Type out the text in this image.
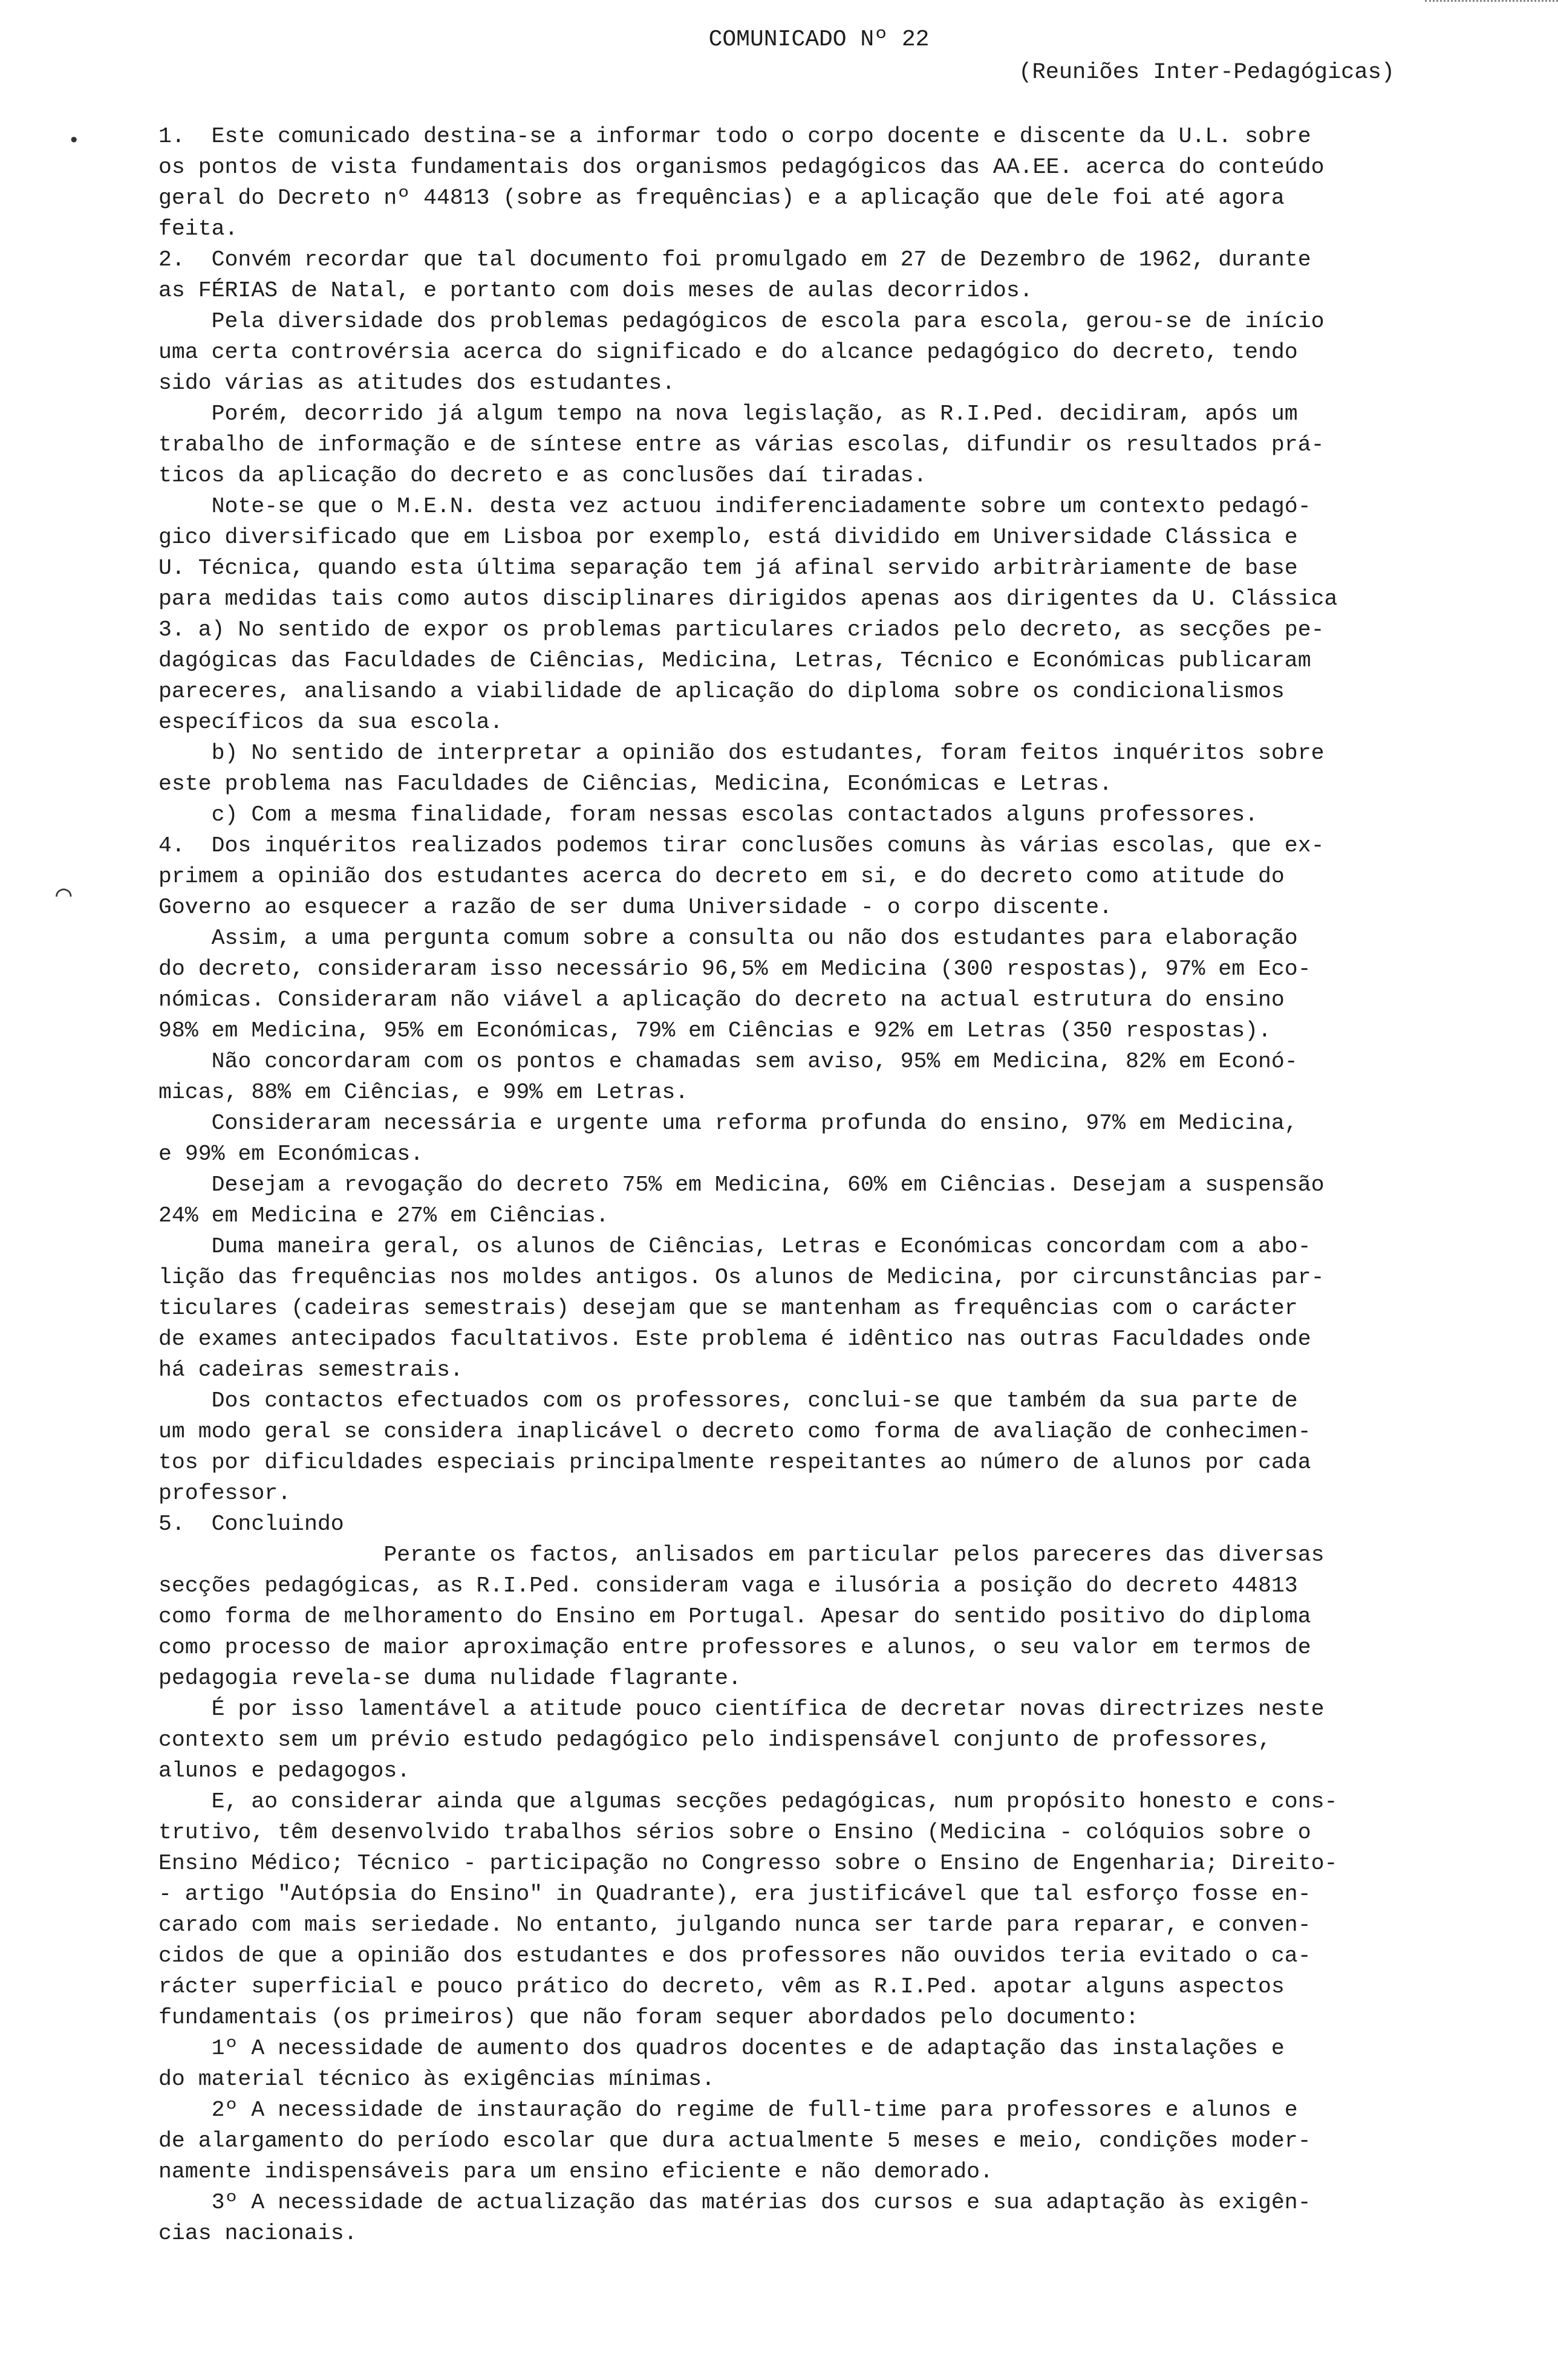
•
⌒
COMUNICADO Nº 22
(Reuniões Inter-Pedagógicas)
1.  Este comunicado destina-se a informar todo o corpo docente e discente da U.L. sobre
os pontos de vista fundamentais dos organismos pedagógicos das AA.EE. acerca do conteúdo
geral do Decreto nº 44813 (sobre as frequências) e a aplicação que dele foi até agora
feita.
2.  Convém recordar que tal documento foi promulgado em 27 de Dezembro de 1962, durante
as FÉRIAS de Natal, e portanto com dois meses de aulas decorridos.
Pela diversidade dos problemas pedagógicos de escola para escola, gerou-se de início
uma certa controvérsia acerca do significado e do alcance pedagógico do decreto, tendo
sido várias as atitudes dos estudantes.
Porém, decorrido já algum tempo na nova legislação, as R.I.Ped. decidiram, após um
trabalho de informação e de síntese entre as várias escolas, difundir os resultados prá-
ticos da aplicação do decreto e as conclusões daí tiradas.
Note-se que o M.E.N. desta vez actuou indiferenciadamente sobre um contexto pedagó-
gico diversificado que em Lisboa por exemplo, está dividido em Universidade Clássica e
U. Técnica, quando esta última separação tem já afinal servido arbitràriamente de base
para medidas tais como autos disciplinares dirigidos apenas aos dirigentes da U. Clássica
3. a) No sentido de expor os problemas particulares criados pelo decreto, as secções pe-
dagógicas das Faculdades de Ciências, Medicina, Letras, Técnico e Económicas publicaram
pareceres, analisando a viabilidade de aplicação do diploma sobre os condicionalismos
específicos da sua escola.
b) No sentido de interpretar a opinião dos estudantes, foram feitos inquéritos sobre
este problema nas Faculdades de Ciências, Medicina, Económicas e Letras.
c) Com a mesma finalidade, foram nessas escolas contactados alguns professores.
4.  Dos inquéritos realizados podemos tirar conclusões comuns às várias escolas, que ex-
primem a opinião dos estudantes acerca do decreto em si, e do decreto como atitude do
Governo ao esquecer a razão de ser duma Universidade - o corpo discente.
Assim, a uma pergunta comum sobre a consulta ou não dos estudantes para elaboração
do decreto, consideraram isso necessário 96,5% em Medicina (300 respostas), 97% em Eco-
nómicas. Consideraram não viável a aplicação do decreto na actual estrutura do ensino
98% em Medicina, 95% em Económicas, 79% em Ciências e 92% em Letras (350 respostas).
Não concordaram com os pontos e chamadas sem aviso, 95% em Medicina, 82% em Econó-
micas, 88% em Ciências, e 99% em Letras.
Consideraram necessária e urgente uma reforma profunda do ensino, 97% em Medicina,
e 99% em Económicas.
Desejam a revogação do decreto 75% em Medicina, 60% em Ciências. Desejam a suspensão
24% em Medicina e 27% em Ciências.
Duma maneira geral, os alunos de Ciências, Letras e Económicas concordam com a abo-
lição das frequências nos moldes antigos. Os alunos de Medicina, por circunstâncias par-
ticulares (cadeiras semestrais) desejam que se mantenham as frequências com o carácter
de exames antecipados facultativos. Este problema é idêntico nas outras Faculdades onde
há cadeiras semestrais.
Dos contactos efectuados com os professores, conclui-se que também da sua parte de
um modo geral se considera inaplicável o decreto como forma de avaliação de conhecimen-
tos por dificuldades especiais principalmente respeitantes ao número de alunos por cada
professor.
5.  Concluindo
Perante os factos, anlisados em particular pelos pareceres das diversas
secções pedagógicas, as R.I.Ped. consideram vaga e ilusória a posição do decreto 44813
como forma de melhoramento do Ensino em Portugal. Apesar do sentido positivo do diploma
como processo de maior aproximação entre professores e alunos, o seu valor em termos de
pedagogia revela-se duma nulidade flagrante.
É por isso lamentável a atitude pouco científica de decretar novas directrizes neste
contexto sem um prévio estudo pedagógico pelo indispensável conjunto de professores,
alunos e pedagogos.
E, ao considerar ainda que algumas secções pedagógicas, num propósito honesto e cons-
trutivo, têm desenvolvido trabalhos sérios sobre o Ensino (Medicina - colóquios sobre o
Ensino Médico; Técnico - participação no Congresso sobre o Ensino de Engenharia; Direito-
- artigo "Autópsia do Ensino" in Quadrante), era justificável que tal esforço fosse en-
carado com mais seriedade. No entanto, julgando nunca ser tarde para reparar, e conven-
cidos de que a opinião dos estudantes e dos professores não ouvidos teria evitado o ca-
rácter superficial e pouco prático do decreto, vêm as R.I.Ped. apotar alguns aspectos
fundamentais (os primeiros) que não foram sequer abordados pelo documento:
1º A necessidade de aumento dos quadros docentes e de adaptação das instalações e
do material técnico às exigências mínimas.
2º A necessidade de instauração do regime de full-time para professores e alunos e
de alargamento do período escolar que dura actualmente 5 meses e meio, condições moder-
namente indispensáveis para um ensino eficiente e não demorado.
3º A necessidade de actualização das matérias dos cursos e sua adaptação às exigên-
cias nacionais.
